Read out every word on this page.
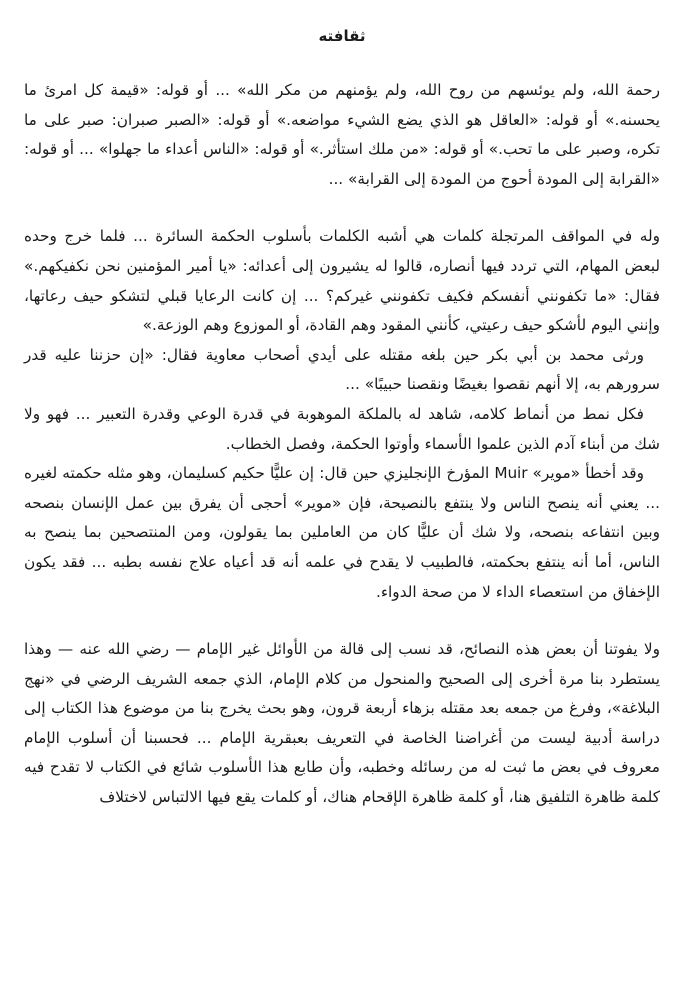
ثقافته

رحمة الله، ولم يوئسهم من روح الله، ولم يؤمنهم من مكر الله» ... أو قوله: «قيمة كل امرئ ما يحسنه.» أو قوله: «العاقل هو الذي يضع الشيء مواضعه.» أو قوله: «الصبر صبران: صبر على ما تكره، وصبر على ما تحب.» أو قوله: «من ملك استأثر.» أو قوله: «الناس أعداء ما جهلوا» ... أو قوله: «القرابة إلى المودة أحوج من المودة إلى القرابة» ...

وله في المواقف المرتجلة كلمات هي أشبه الكلمات بأسلوب الحكمة السائرة ... فلما خرج وحده لبعض المهام، التي تردد فيها أنصاره، قالوا له يشيرون إلى أعدائه: «يا أمير المؤمنين نحن نكفيكهم.» فقال: «ما تكفونني أنفسكم فكيف تكفونني غيركم؟ ... إن كانت الرعايا قبلي لتشكو حيف رعاتها، وإنني اليوم لأشكو حيف رعيتي، كأنني المقود وهم القادة، أو الموزوع وهم الوزعة.»

ورثى محمد بن أبي بكر حين بلغه مقتله على أيدي أصحاب معاوية فقال: «إن حزننا عليه قدر سرورهم به، إلا أنهم نقصوا بغيضًا ونقصنا حبيبًا» ...

فكل نمط من أنماط كلامه، شاهد له بالملكة الموهوبة في قدرة الوعي وقدرة التعبير ... فهو ولا شك من أبناء آدم الذين علموا الأسماء وأوتوا الحكمة، وفصل الخطاب.

وقد أخطأ «موير» Muir المؤرخ الإنجليزي حين قال: إن عليًّا حكيم كسليمان، وهو مثله حكمته لغيره ... يعني أنه ينصح الناس ولا ينتفع بالنصيحة، فإن «موير» أحجى أن يفرق بين عمل الإنسان بنصحه وبين انتفاعه بنصحه، ولا شك أن عليًّا كان من العاملين بما يقولون، ومن المنتصحين بما ينصح به الناس، أما أنه ينتفع بحكمته، فالطبيب لا يقدح في علمه أنه قد أعياه علاج نفسه بطبه ... فقد يكون الإخفاق من استعصاء الداء لا من صحة الدواء.

ولا يفوتنا أن بعض هذه النصائح، قد نسب إلى قالة من الأوائل غير الإمام — رضي الله عنه — وهذا يستطرد بنا مرة أخرى إلى الصحيح والمنحول من كلام الإمام، الذي جمعه الشريف الرضي في «نهج البلاغة»، وفرغ من جمعه بعد مقتله بزهاء أربعة قرون، وهو بحث يخرج بنا من موضوع هذا الكتاب إلى دراسة أدبية ليست من أغراضنا الخاصة في التعريف بعبقرية الإمام ... فحسبنا أن أسلوب الإمام معروف في بعض ما ثبت له من رسائله وخطبه، وأن طابع هذا الأسلوب شائع في الكتاب لا تقدح فيه كلمة ظاهرة التلفيق هنا، أو كلمة ظاهرة الإقحام هناك، أو كلمات يقع فيها الالتباس لاختلاف
